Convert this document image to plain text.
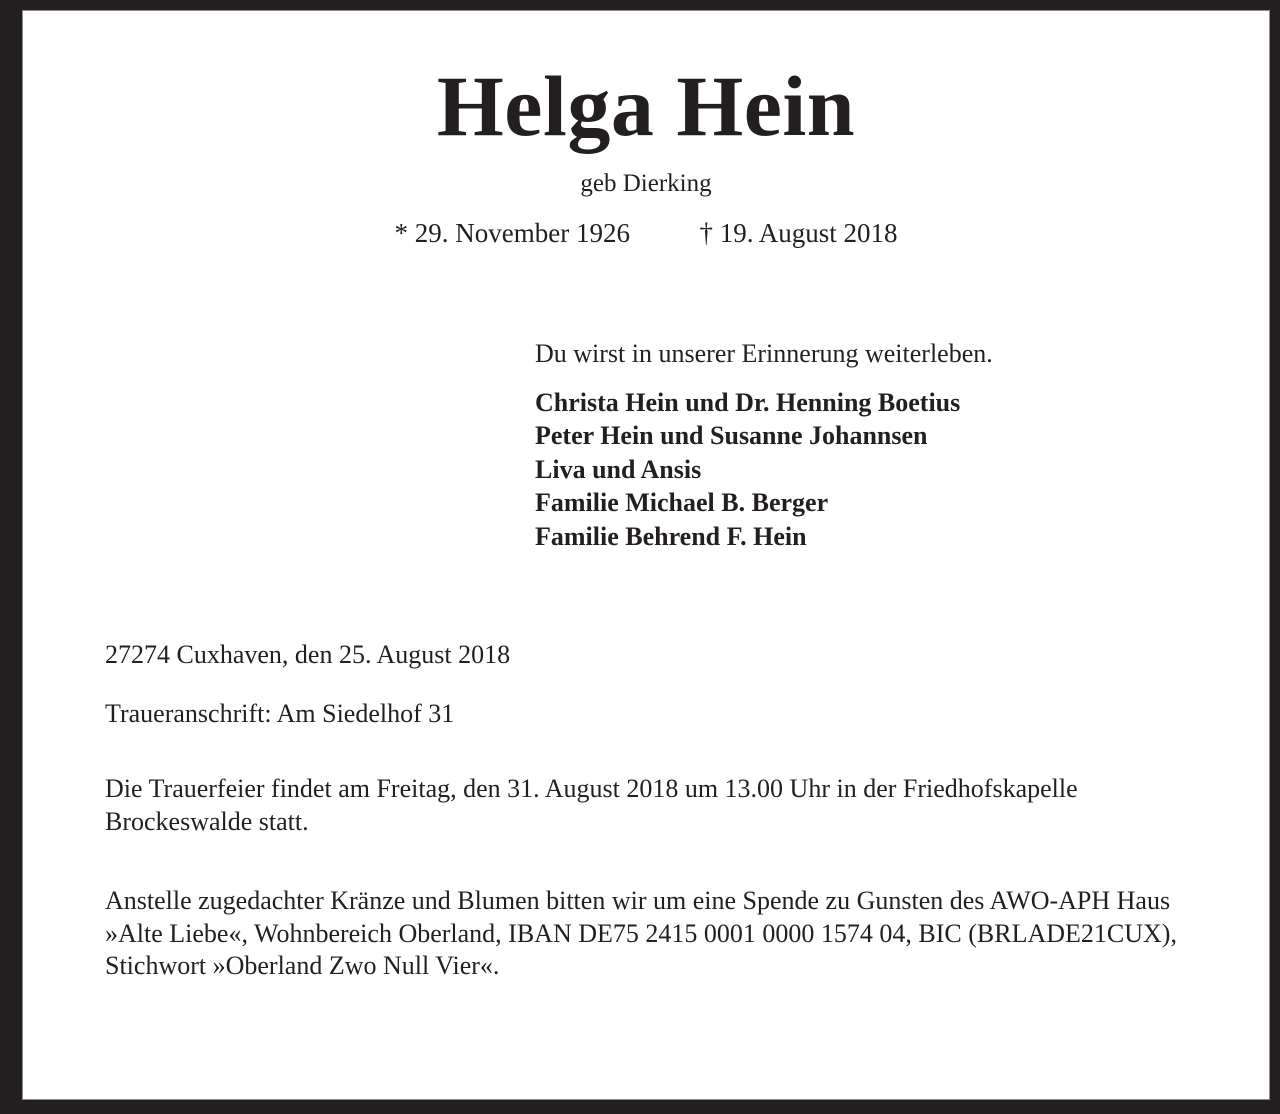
Helga Hein
geb Dierking
* 29. November 1926	† 19. August 2018
Du wirst in unserer Erinnerung weiterleben.
Christa Hein und Dr. Henning Boetius
Peter Hein und Susanne Johannsen
Liva und Ansis
Familie Michael B. Berger
Familie Behrend F. Hein
27274 Cuxhaven, den 25. August 2018
Traueranschrift: Am Siedelhof 31
Die Trauerfeier findet am Freitag, den 31. August 2018 um 13.00 Uhr in der Friedhofskapelle Brockeswalde statt.
Anstelle zugedachter Kränze und Blumen bitten wir um eine Spende zu Gunsten des AWO-APH Haus »Alte Liebe«, Wohnbereich Oberland, IBAN DE75 2415 0001 0000 1574 04, BIC (BRLADE21CUX), Stichwort »Oberland Zwo Null Vier«.
